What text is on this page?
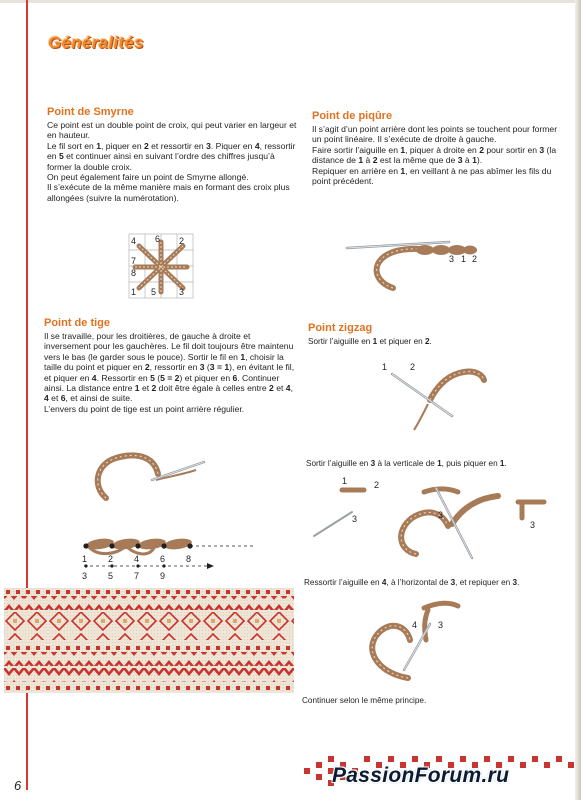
Généralités
Point de Smyrne
Ce point est un double point de croix, qui peut varier en largeur et en hauteur.
Le fil sort en 1, piquer en 2 et ressortir en 3. Piquer en 4, ressortir en 5 et continuer ainsi en suivant l’ordre des chiffres jusqu’à former la double croix.
On peut également faire un point de Smyrne allongé.
Il s’exécute de la même manière mais en formant des croix plus allongées (suivre la numérotation).
4 6 2
7
8
1 5	3
Point de piqûre
Il s’agit d’un point arrière dont les points se touchent pour former un point linéaire. Il s’exécute de droite à gauche.
Faire sortir l’aiguille en 1, piquer à droite en 2 pour sortir en 3 (la distance de 1 à 2 est la même que de 3 à 1).
Repiquer en arrière en 1, en veillant à ne pas abîmer les fils du point précédent.
3 1 2
Point de tige
Il se travaille, pour les droitières, de gauche à droite et inversement pour les gauchères. Le fil doit toujours être maintenu vers le bas (le garder sous le pouce). Sortir le fil en 1, choisir la taille du point et piquer en 2, ressortir en 3 (3 = 1), en évitant le fil, et piquer en 4. Ressortir en 5 (5 = 2) et piquer en 6. Continuer ainsi. La distance entre 1 et 2 doit être égale à celles entre 2 et 4, 4 et 6, et ainsi de suite.
L’envers du point de tige est un point arrière régulier.
1 2 4 6 8
3 5 7 9
Point zigzag
Sortir l’aiguille en 1 et piquer en 2.
1	2
Sortir l’aiguille en 3 à la verticale de 1, puis piquer en 1.
1	2
3	3
3
Ressortir l’aiguille en 4, à l’horizontal de 3, et repiquer en 3.
4 3
Continuer selon le même principe.
PassionForum.ru
6
